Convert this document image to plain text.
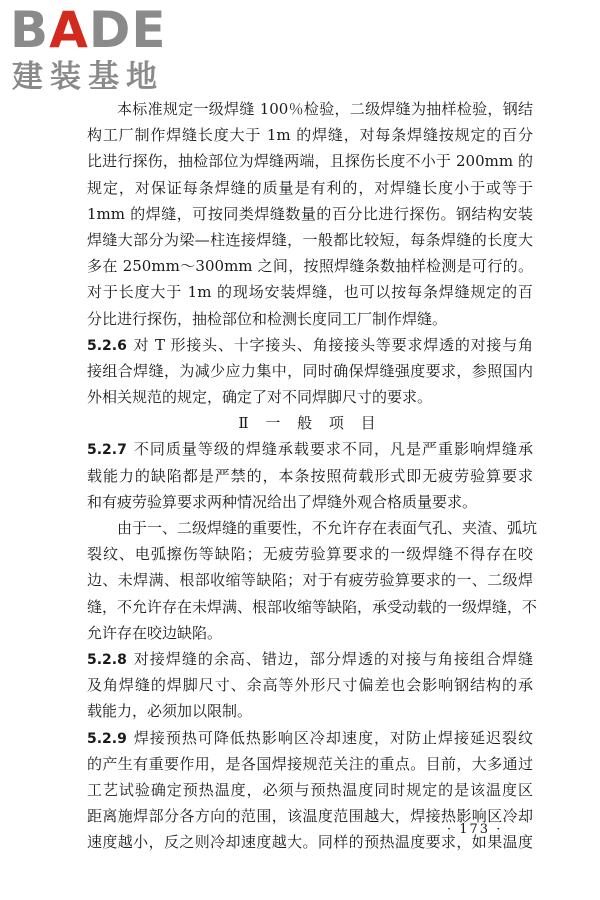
BADE
建装基地
本标准规定一级焊缝 100％检验，二级焊缝为抽样检验，钢结
构工厂制作焊缝长度大于 1m 的焊缝，对每条焊缝按规定的百分
比进行探伤，抽检部位为焊缝两端，且探伤长度不小于 200mm 的
规定，对保证每条焊缝的质量是有利的，对焊缝长度小于或等于
1mm 的焊缝，可按同类焊缝数量的百分比进行探伤。钢结构安装
焊缝大部分为梁—柱连接焊缝，一般都比较短，每条焊缝的长度大
多在 250mm～300mm 之间，按照焊缝条数抽样检测是可行的。
对于长度大于 1m 的现场安装焊缝，也可以按每条焊缝规定的百
分比进行探伤，抽检部位和检测长度同工厂制作焊缝。
5.2.6 对 T 形接头、十字接头、角接接头等要求焊透的对接与角
接组合焊缝，为减少应力集中，同时确保焊缝强度要求，参照国内
外相关规范的规定，确定了对不同焊脚尺寸的要求。
Ⅱ 一 般 项 目
5.2.7 不同质量等级的焊缝承载要求不同，凡是严重影响焊缝承
载能力的缺陷都是严禁的，本条按照荷载形式即无疲劳验算要求
和有疲劳验算要求两种情况给出了焊缝外观合格质量要求。
由于一、二级焊缝的重要性，不允许存在表面气孔、夹渣、弧坑
裂纹、电弧擦伤等缺陷；无疲劳验算要求的一级焊缝不得存在咬
边、未焊满、根部收缩等缺陷；对于有疲劳验算要求的一、二级焊
缝，不允许存在未焊满、根部收缩等缺陷，承受动载的一级焊缝，不
允许存在咬边缺陷。
5.2.8 对接焊缝的余高、错边，部分焊透的对接与角接组合焊缝
及角焊缝的焊脚尺寸、余高等外形尺寸偏差也会影响钢结构的承
载能力，必须加以限制。
5.2.9 焊接预热可降低热影响区冷却速度，对防止焊接延迟裂纹
的产生有重要作用，是各国焊接规范关注的重点。目前，大多通过
工艺试验确定预热温度，必须与预热温度同时规定的是该温度区
距离施焊部分各方向的范围，该温度范围越大，焊接热影响区冷却
速度越小，反之则冷却速度越大。同样的预热温度要求，如果温度
· 173 ·
